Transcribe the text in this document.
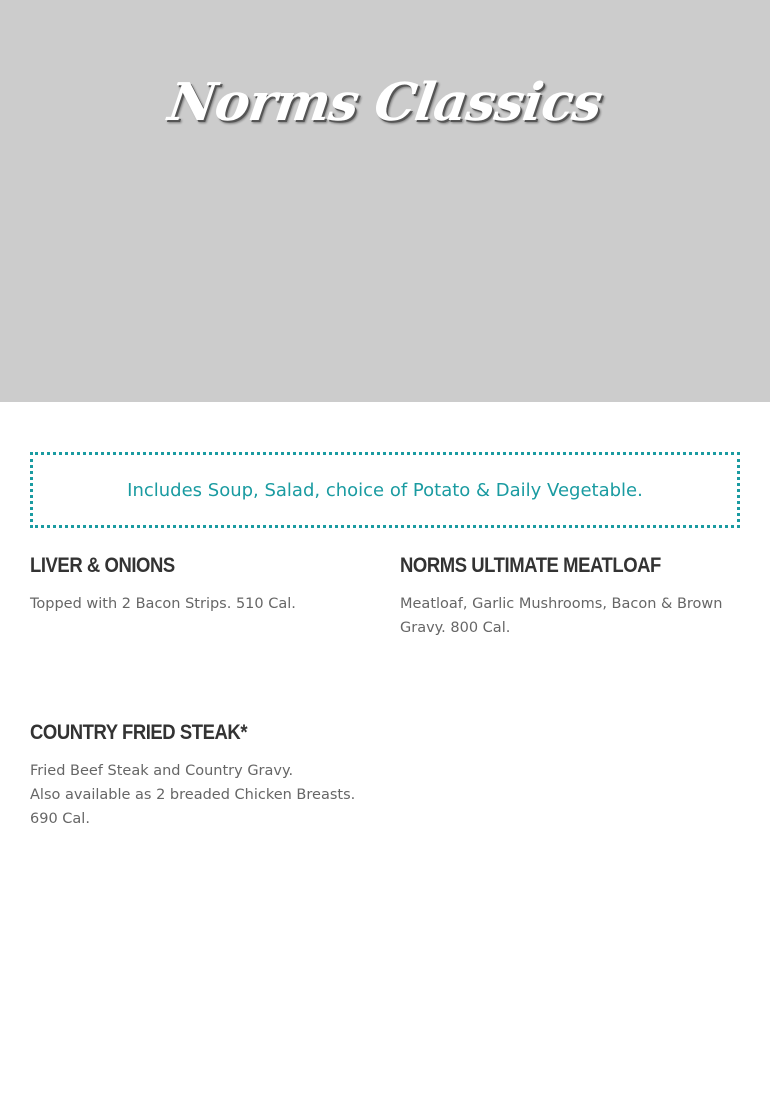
Norms Classics
Includes Soup, Salad, choice of Potato & Daily Vegetable.
LIVER & ONIONS
Topped with 2 Bacon Strips. 510 Cal.
NORMS ULTIMATE MEATLOAF
Meatloaf, Garlic Mushrooms, Bacon & Brown
Gravy. 800 Cal.
COUNTRY FRIED STEAK*
Fried Beef Steak and Country Gravy.
Also available as 2 breaded Chicken Breasts.
690 Cal.
